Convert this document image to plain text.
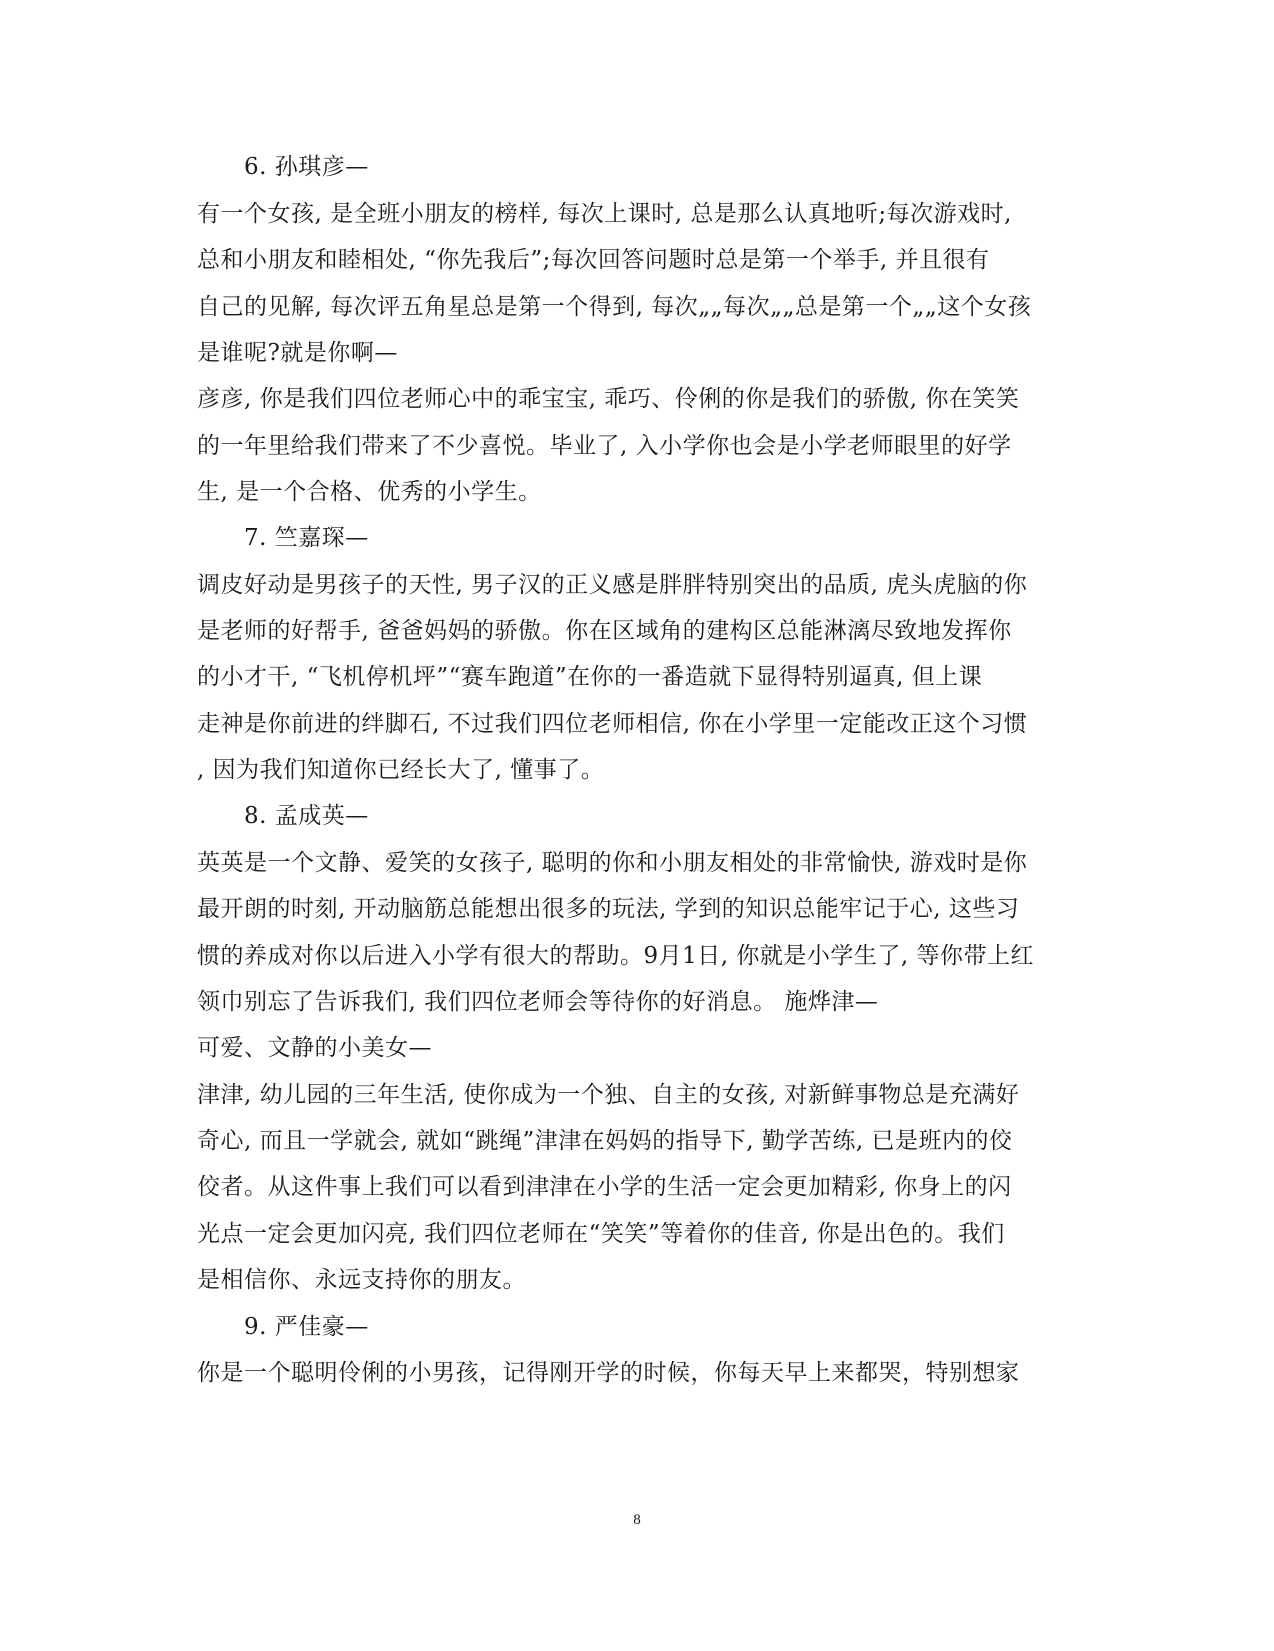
6. 孙琪彦—
有一个女孩, 是全班小朋友的榜样, 每次上课时, 总是那么认真地听;每次游戏时,
总和小朋友和睦相处, “你先我后”;每次回答问题时总是第一个举手, 并且很有
自己的见解, 每次评五角星总是第一个得到, 每次„„每次„„总是第一个„„这个女孩
是谁呢?就是你啊—
彦彦, 你是我们四位老师心中的乖宝宝, 乖巧、伶俐的你是我们的骄傲, 你在笑笑
的一年里给我们带来了不少喜悦。毕业了, 入小学你也会是小学老师眼里的好学
生, 是一个合格、优秀的小学生。
7. 竺嘉琛—
调皮好动是男孩子的天性, 男子汉的正义感是胖胖特别突出的品质, 虎头虎脑的你
是老师的好帮手, 爸爸妈妈的骄傲。你在区域角的建构区总能淋漓尽致地发挥你
的小才干, “飞机停机坪”“赛车跑道”在你的一番造就下显得特别逼真, 但上课
走神是你前进的绊脚石, 不过我们四位老师相信, 你在小学里一定能改正这个习惯
, 因为我们知道你已经长大了, 懂事了。
8. 孟成英—
英英是一个文静、爱笑的女孩子, 聪明的你和小朋友相处的非常愉快, 游戏时是你
最开朗的时刻, 开动脑筋总能想出很多的玩法, 学到的知识总能牢记于心, 这些习
惯的养成对你以后进入小学有很大的帮助。9月1日, 你就是小学生了, 等你带上红
领巾别忘了告诉我们, 我们四位老师会等待你的好消息。 施烨津—
可爱、文静的小美女—
津津, 幼儿园的三年生活, 使你成为一个独、自主的女孩, 对新鲜事物总是充满好
奇心, 而且一学就会, 就如“跳绳”津津在妈妈的指导下, 勤学苦练, 已是班内的佼
佼者。从这件事上我们可以看到津津在小学的生活一定会更加精彩, 你身上的闪
光点一定会更加闪亮, 我们四位老师在“笑笑”等着你的佳音, 你是出色的。我们
是相信你、永远支持你的朋友。
9. 严佳豪—
你是一个聪明伶俐的小男孩，记得刚开学的时候，你每天早上来都哭，特别想家
8
